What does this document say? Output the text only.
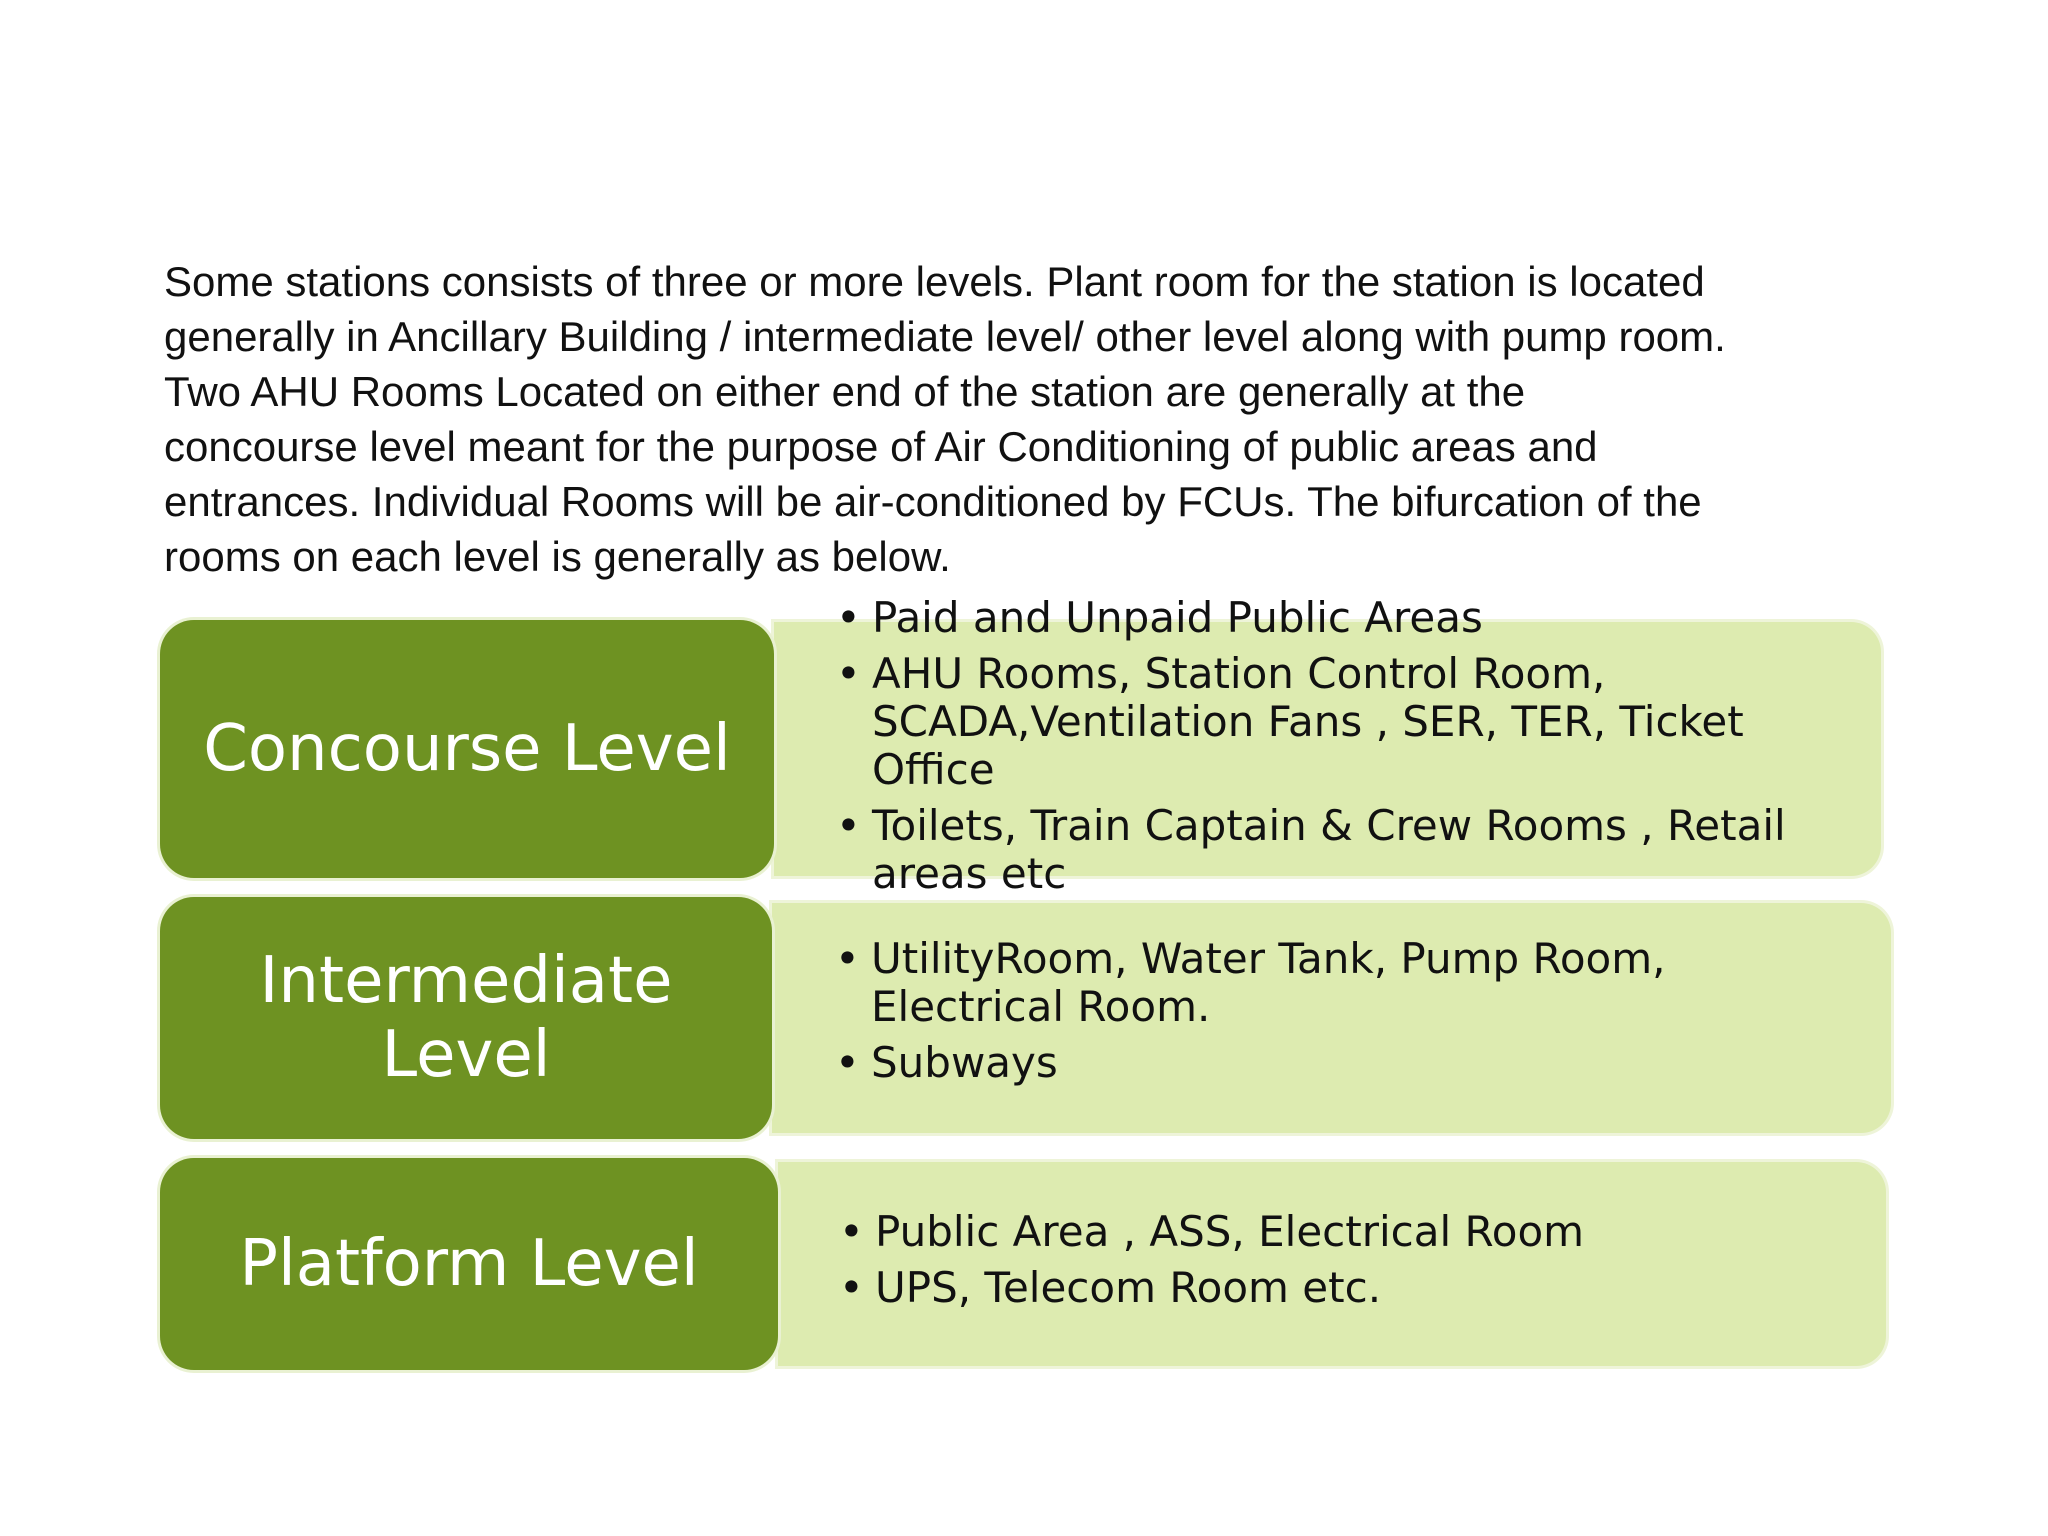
Some stations consists of three or more levels. Plant room for the station is located
generally in Ancillary Building / intermediate level/ other level along with pump room.
Two AHU Rooms Located on either end of the station are generally at the
concourse level meant for the purpose of Air Conditioning of public areas and
entrances. Individual Rooms will be air-conditioned by FCUs. The bifurcation of the
rooms on each level is generally as below.

Concourse Level
• Paid and Unpaid Public Areas
• AHU Rooms, Station Control Room, SCADA,Ventilation Fans , SER, TER, Ticket Office
• Toilets, Train Captain & Crew Rooms , Retail areas etc
Intermediate Level
• UtilityRoom, Water Tank, Pump Room, Electrical Room.
• Subways
Platform Level
•	Public Area , ASS, Electrical Room
• UPS, Telecom Room etc.
